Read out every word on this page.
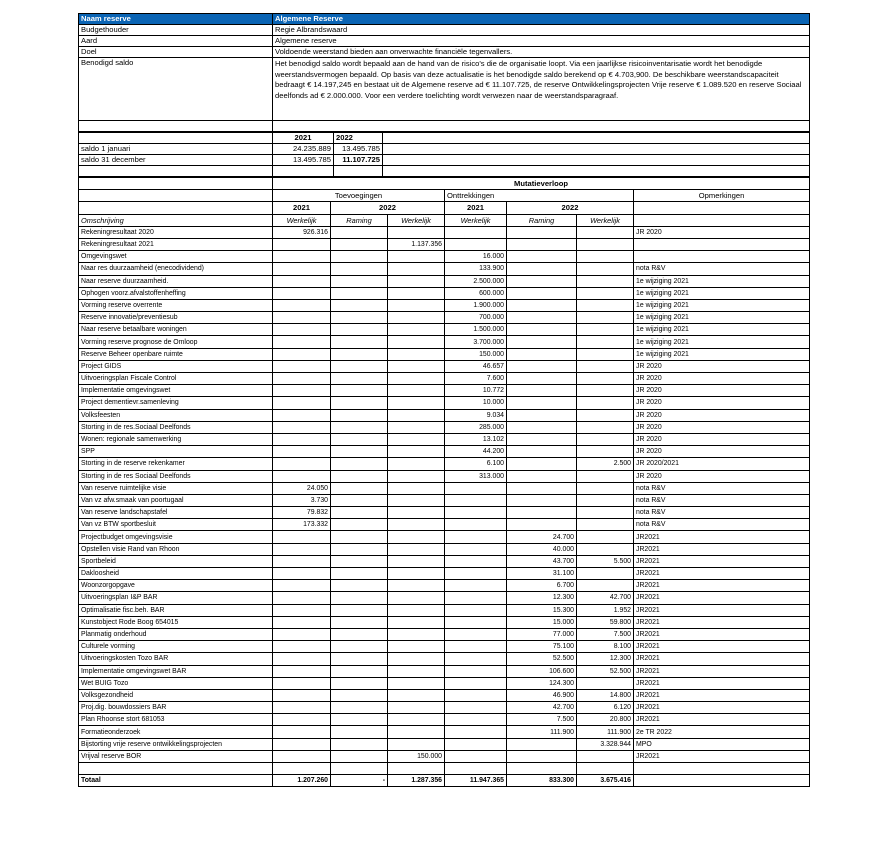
Naam reserve	Algemene Reserve
Budgethouder	Regie Albrandswaard
Aard	Algemene reserve
Doel	Voldoende weerstand bieden aan onverwachte financiële tegenvallers.
Benodigd saldo	Het benodigd saldo wordt bepaald aan de hand van de risico's die de organisatie loopt. Via een jaarlijkse risicoinventarisatie wordt het benodigde weerstandsvermogen bepaald. Op basis van deze actualisatie is het benodigde saldo berekend op € 4.703,900. De beschikbare weerstandscapaciteit bedraagt € 14.197,245 en bestaat uit de Algemene reserve ad € 11.107.725, de reserve Ontwikkelingsprojecten Vrije reserve € 1.089.520 en reserve Sociaal deelfonds ad € 2.000.000. Voor een verdere toelichting wordt verwezen naar de weerstandsparagraaf.

	2021	2022	
saldo 1 januari	24.235.889	13.495.785	
saldo 31 december	13.495.785	11.107.725	

	Mutatieverloop						
	Toevoegingen			Onttrekkingen			Opmerkingen
	2021	2022		2021	2022		
Omschrijving	Werkelijk	Raming	Werkelijk	Werkelijk	Raming	Werkelijk	
Rekeningresultaat 2020	926.316						JR 2020
Rekeningresultaat 2021			1.137.356				
Omgevingswet				16.000			
Naar res duurzaamheid (enecodividend)				133.900			nota R&V
Naar reserve duurzaamheid.				2.500.000			1e wijziging 2021
Ophogen voorz.afvalstoffenheffing				600.000			1e wijziging 2021
Vorming reserve overrente				1.900.000			1e wijziging 2021
Reserve innovatie/preventiesub				700.000			1e wijziging 2021
Naar reserve betaalbare woningen				1.500.000			1e wijziging 2021
Vorming reserve prognose de Omloop				3.700.000			1e wijziging 2021
Reserve Beheer openbare ruimte				150.000			1e wijziging 2021
Project GIDS				46.657			JR 2020
Uitvoeringsplan Fiscale Control				7.600			JR 2020
Implementatie omgevingswet				10.772			JR 2020
Project dementievr.samenleving				10.000			JR 2020
Volksfeesten				9.034			JR 2020
Storting in de res.Sociaal Deelfonds				285.000			JR 2020
Wonen: regionale samenwerking				13.102			JR 2020
SPP				44.200			JR 2020
Storting in de reserve rekenkamer				6.100		2.500	JR 2020/2021
Storting in de res Sociaal Deelfonds				313.000			JR 2020
Van reserve ruimtelijke visie	24.050						nota R&V
Van vz afw.smaak van poortugaal	3.730						nota R&V
Van reserve landschapstafel	79.832						nota R&V
Van vz BTW sportbesluit	173.332						nota R&V
Projectbudget omgevingsvisie					24.700		JR2021
Opstellen visie Rand van Rhoon					40.000		JR2021
Sportbeleid					43.700	5.500	JR2021
Dakloosheid					31.100		JR2021
Woonzorgopgave					6.700		JR2021
Uitvoeringsplan I&P BAR					12.300	42.700	JR2021
Optimalisatie fisc.beh. BAR					15.300	1.952	JR2021
Kunstobject Rode Boog 654015					15.000	59.800	JR2021
Planmatig onderhoud					77.000	7.500	JR2021
Culturele vorming					75.100	8.100	JR2021
Uitvoeringskosten Tozo BAR					52.500	12.300	JR2021
Implementatie omgevingswet BAR					106.600	52.500	JR2021
Wet BUIG Tozo					124.300		JR2021
Volksgezondheid					46.900	14.800	JR2021
Proj.dig. bouwdossiers BAR					42.700	6.120	JR2021
Plan Rhoonse stort 681053					7.500	20.800	JR2021
Formatieonderzoek					111.900	111.900	2e TR 2022
Bijstorting vrije reserve ontwikkelingsprojecten						3.328.944	MPO
Vrijval reserve BOR			150.000				JR2021

Totaal	1.207.260	-	1.287.356	11.947.365	833.300	3.675.416	
